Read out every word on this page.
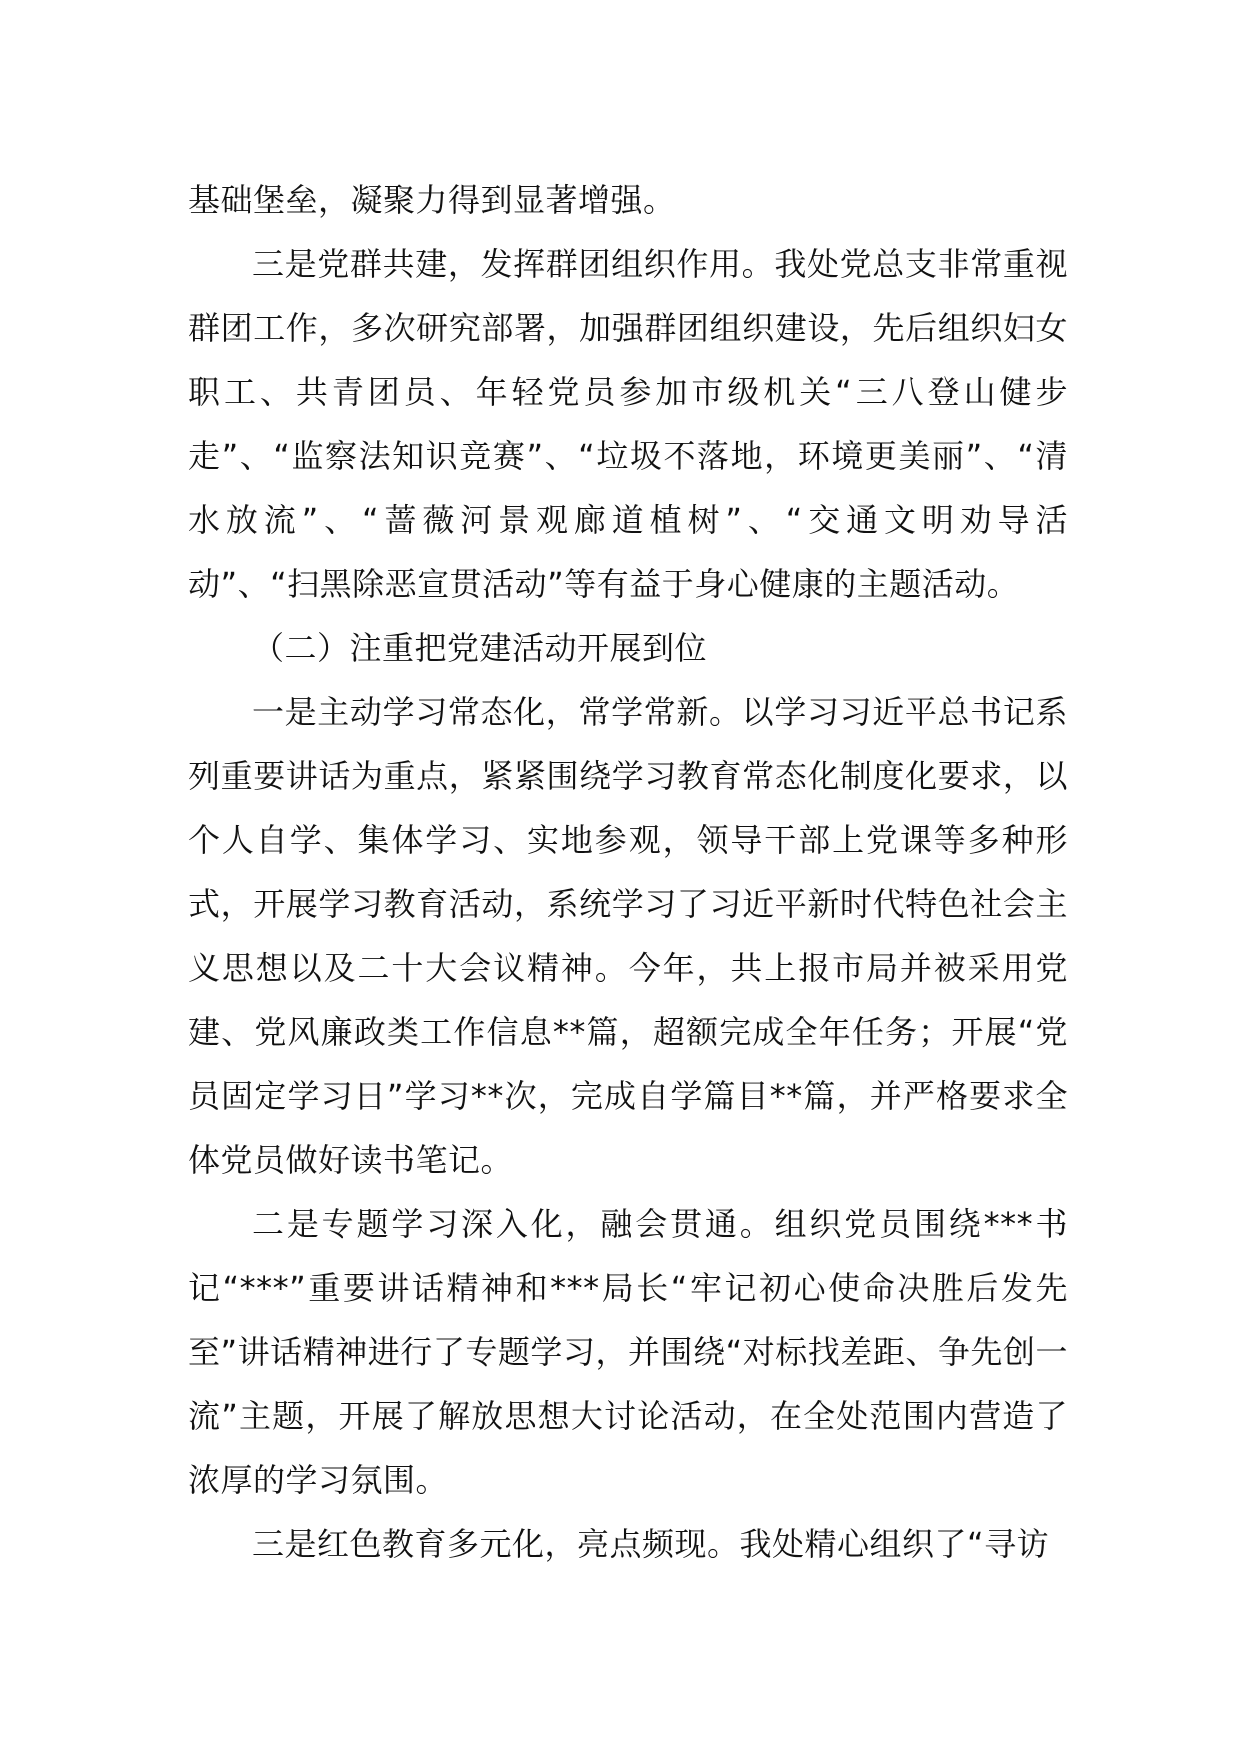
基础堡垒，凝聚力得到显著增强。

三是党群共建，发挥群团组织作用。我处党总支非常重视群团工作，多次研究部署，加强群团组织建设，先后组织妇女职工、共青团员、年轻党员参加市级机关“三八登山健步走”、“监察法知识竞赛”、“垃圾不落地，环境更美丽”、“清水放流”、“蔷薇河景观廊道植树”、“交通文明劝导活动”、“扫黑除恶宣贯活动”等有益于身心健康的主题活动。

（二）注重把党建活动开展到位

一是主动学习常态化，常学常新。以学习习近平总书记系列重要讲话为重点，紧紧围绕学习教育常态化制度化要求，以个人自学、集体学习、实地参观，领导干部上党课等多种形式，开展学习教育活动，系统学习了习近平新时代特色社会主义思想以及二十大会议精神。今年，共上报市局并被采用党建、党风廉政类工作信息**篇，超额完成全年任务；开展“党员固定学习日”学习**次，完成自学篇目**篇，并严格要求全体党员做好读书笔记。

二是专题学习深入化，融会贯通。组织党员围绕***书记“***”重要讲话精神和***局长“牢记初心使命决胜后发先至”讲话精神进行了专题学习，并围绕“对标找差距、争先创一流”主题，开展了解放思想大讨论活动，在全处范围内营造了浓厚的学习氛围。

三是红色教育多元化，亮点频现。我处精心组织了“寻访
